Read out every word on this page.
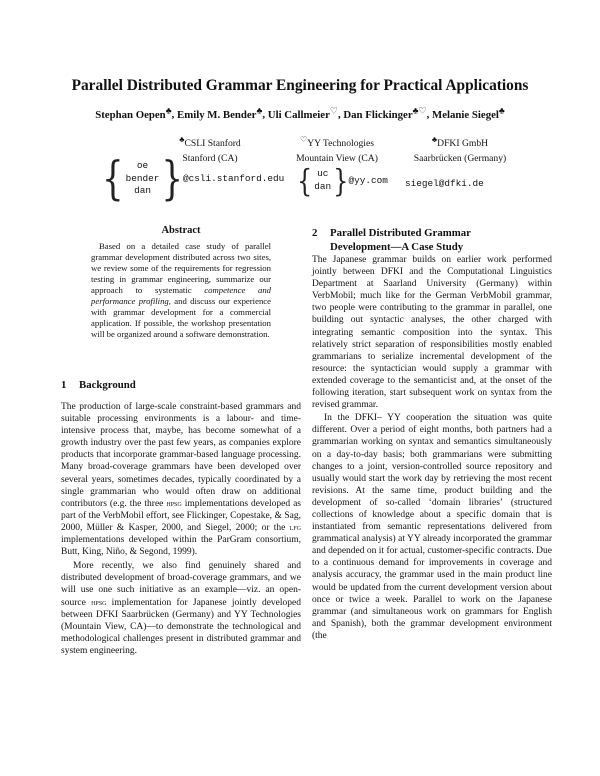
Parallel Distributed Grammar Engineering for Practical Applications
Stephan Oepen♣, Emily M. Bender♣, Uli Callmeier♡, Dan Flickinger♣♡, Melanie Siegel♣
♣CSLI Stanford
Stanford (CA)
♡YY Technologies
Mountain View (CA)
♣DFKI GmbH
Saarbrücken (Germany)
{ oe
bender
dan } @csli.stanford.edu { uc
dan } @yy.com siegel@dfki.de
Abstract
Based on a detailed case study of parallel grammar development distributed across two sites, we review some of the requirements for regression testing in grammar engineering, summarize our approach to systematic competence and performance profiling, and discuss our experience with grammar development for a commercial application. If possible, the workshop presentation will be organized around a software demonstration.
1 Background

The production of large-scale constraint-based grammars and suitable processing environments is a labour- and time-intensive process that, maybe, has become somewhat of a growth industry over the past few years, as companies explore products that incorporate grammar-based language processing. Many broad-coverage grammars have been developed over several years, sometimes decades, typically coordinated by a single grammarian who would often draw on additional contributors (e.g. the three hpsg implementations developed as part of the VerbMobil effort, see Flickinger, Copestake, & Sag, 2000, Müller & Kasper, 2000, and Siegel, 2000; or the lfg implementations developed within the ParGram consortium, Butt, King, Niño, & Segond, 1999).

More recently, we also find genuinely shared and distributed development of broad-coverage grammars, and we will use one such initiative as an example—viz. an open-source hpsg implementation for Japanese jointly developed between DFKI Saarbrücken (Germany) and YY Technologies (Mountain View, CA)—to demonstrate the technological and methodological challenges present in distributed grammar and system engineering.

2 Parallel Distributed Grammar
Development—A Case Study

The Japanese grammar builds on earlier work performed jointly between DFKI and the Computational Linguistics Department at Saarland University (Germany) within VerbMobil; much like for the German VerbMobil grammar, two people were contributing to the grammar in parallel, one building out syntactic analyses, the other charged with integrating semantic composition into the syntax. This relatively strict separation of responsibilities mostly enabled grammarians to serialize incremental development of the resource: the syntactician would supply a grammar with extended coverage to the semanticist and, at the onset of the following iteration, start subsequent work on syntax from the revised grammar.

In the DFKI– YY cooperation the situation was quite different. Over a period of eight months, both partners had a grammarian working on syntax and semantics simultaneously on a day-to-day basis; both grammarians were submitting changes to a joint, version-controlled source repository and usually would start the work day by retrieving the most recent revisions. At the same time, product building and the development of so-called ‘domain libraries’ (structured collections of knowledge about a specific domain that is instantiated from semantic representations delivered from grammatical analysis) at YY already incorporated the grammar and depended on it for actual, customer-specific contracts. Due to a continuous demand for improvements in coverage and analysis accuracy, the grammar used in the main product line would be updated from the current development version about once or twice a week. Parallel to work on the Japanese grammar (and simultaneous work on grammars for English and Spanish), both the grammar development environment (the
